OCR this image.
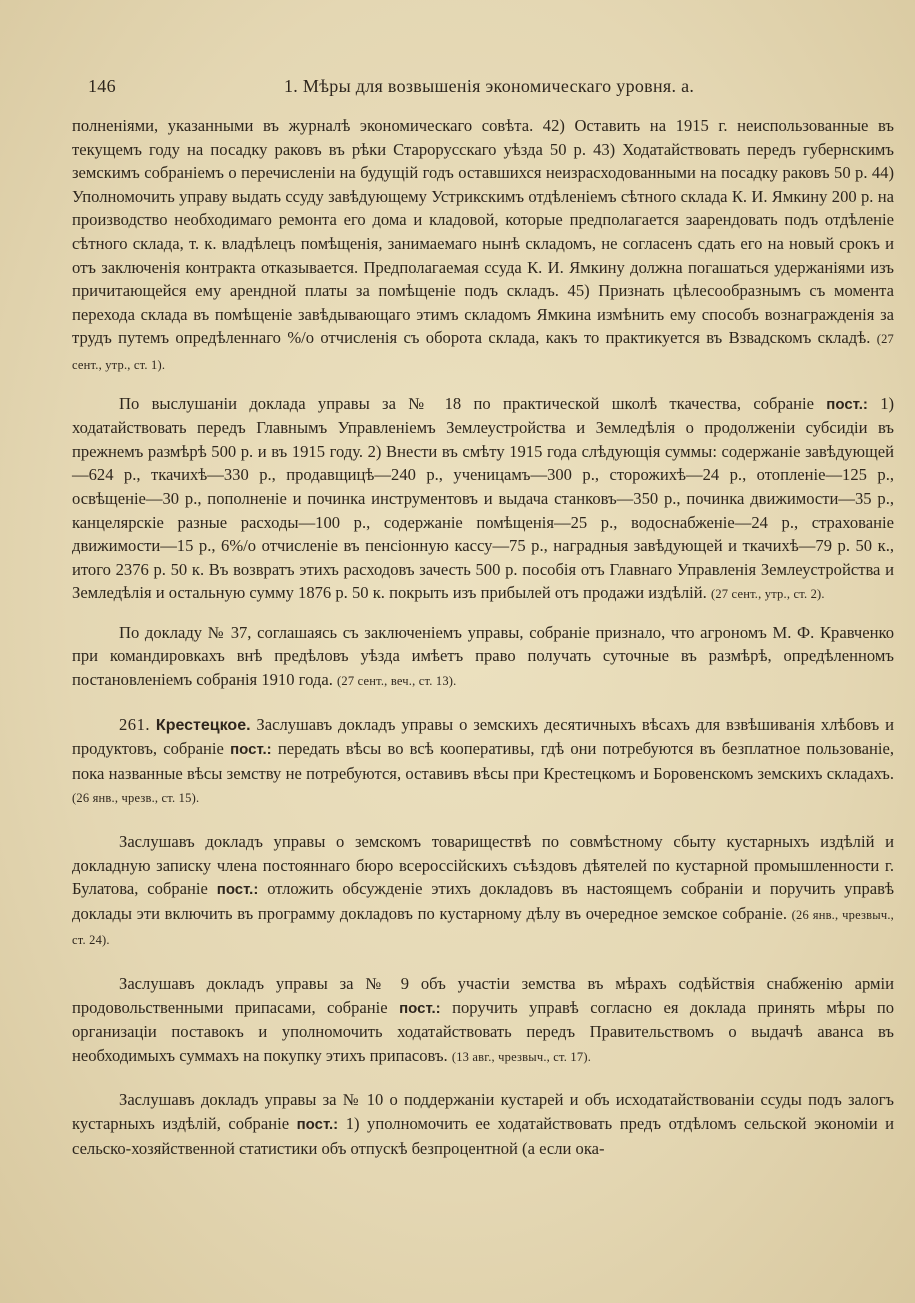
146	1. Мѣры для возвышенія экономическаго уровня. а.

полненіями, указанными въ журналѣ экономическаго совѣта. 42) Оставить на 1915 г. неиспользованные въ текущемъ году на посадку раковъ въ рѣки Старорусскаго уѣзда 50 р. 43) Ходатайствовать передъ губернскимъ земскимъ собраніемъ о перечисленіи на будущій годъ оставшихся неизрасходованными на посадку раковъ 50 р. 44) Уполномочить управу выдать ссуду завѣдующему Устрикскимъ отдѣленіемъ сѣтного склада К. И. Ямкину 200 р. на производство необходимаго ремонта его дома и кладовой, которые предполагается заарендовать подъ отдѣленіе сѣтного склада, т. к. владѣлецъ помѣщенія, занимаемаго нынѣ складомъ, не согласенъ сдать его на новый срокъ и отъ заключенія контракта отказывается. Предполагаемая ссуда К. И. Ямкину должна погашаться удержаніями изъ причитающейся ему арендной платы за помѣщеніе подъ складъ. 45) Признать цѣлесообразнымъ съ момента перехода склада въ помѣщеніе завѣдывающаго этимъ складомъ Ямкина измѣнить ему способъ вознагражденія за трудъ путемъ опредѣленнаго %/о отчисленія съ оборота склада, какъ то практикуется въ Взвадскомъ складѣ. (27 сент., утр., ст. 1).

По выслушаніи доклада управы за № 18 по практической школѣ ткачества, собраніе пост.: 1) ходатайствовать передъ Главнымъ Управленіемъ Землеустройства и Земледѣлія о продолженіи субсидіи въ прежнемъ размѣрѣ 500 р. и въ 1915 году. 2) Внести въ смѣту 1915 года слѣдующія суммы: содержаніе завѣдующей—624 р., ткачихѣ—330 р., продавщицѣ—240 р., ученицамъ—300 р., сторожихѣ—24 р., отопленіе—125 р., освѣщеніе—30 р., пополненіе и починка инструментовъ и выдача станковъ—350 р., починка движимости—35 р., канцелярскіе разные расходы—100 р., содержаніе помѣщенія—25 р., водоснабженіе—24 р., страхованіе движимости—15 р., 6%/о отчисленіе въ пенсіонную кассу—75 р., наградныя завѣдующей и ткачихѣ—79 р. 50 к., итого 2376 р. 50 к. Въ возвратъ этихъ расходовъ зачесть 500 р. пособія отъ Главнаго Управленія Землеустройства и Земледѣлія и остальную сумму 1876 р. 50 к. покрыть изъ прибылей отъ продажи издѣлій. (27 сент., утр., ст. 2).

По докладу № 37, соглашаясь съ заключеніемъ управы, собраніе признало, что агрономъ М. Ф. Кравченко при командировкахъ внѣ предѣловъ уѣзда имѣетъ право получать суточные въ размѣрѣ, опредѣленномъ постановленіемъ собранія 1910 года. (27 сент., веч., ст. 13).

261. Крестецкое. Заслушавъ докладъ управы о земскихъ десятичныхъ вѣсахъ для взвѣшиванія хлѣбовъ и продуктовъ, собраніе пост.: передать вѣсы во всѣ кооперативы, гдѣ они потребуются въ безплатное пользованіе, пока названные вѣсы земству не потребуются, оставивъ вѣсы при Крестецкомъ и Боровенскомъ земскихъ складахъ. (26 янв., чрезв., ст. 15).

Заслушавъ докладъ управы о земскомъ товариществѣ по совмѣстному сбыту кустарныхъ издѣлій и докладную записку члена постояннаго бюро всероссійскихъ съѣздовъ дѣятелей по кустарной промышленности г. Булатова, собраніе пост.: отложить обсужденіе этихъ докладовъ въ настоящемъ собраніи и поручить управѣ доклады эти включить въ программу докладовъ по кустарному дѣлу въ очередное земское собраніе. (26 янв., чрезвыч., ст. 24).

Заслушавъ докладъ управы за № 9 объ участіи земства въ мѣрахъ содѣйствія снабженію арміи продовольственными припасами, собраніе пост.: поручить управѣ согласно ея доклада принять мѣры по организаціи поставокъ и уполномочить ходатайствовать передъ Правительствомъ о выдачѣ аванса въ необходимыхъ суммахъ на покупку этихъ припасовъ. (13 авг., чрезвыч., ст. 17).

Заслушавъ докладъ управы за № 10 о поддержаніи кустарей и объ исходатайствованіи ссуды подъ залогъ кустарныхъ издѣлій, собраніе пост.: 1) уполномочить ее ходатайствовать предъ отдѣломъ сельской экономіи и сельско-хозяйственной статистики объ отпускѣ безпроцентной (а если ока-
